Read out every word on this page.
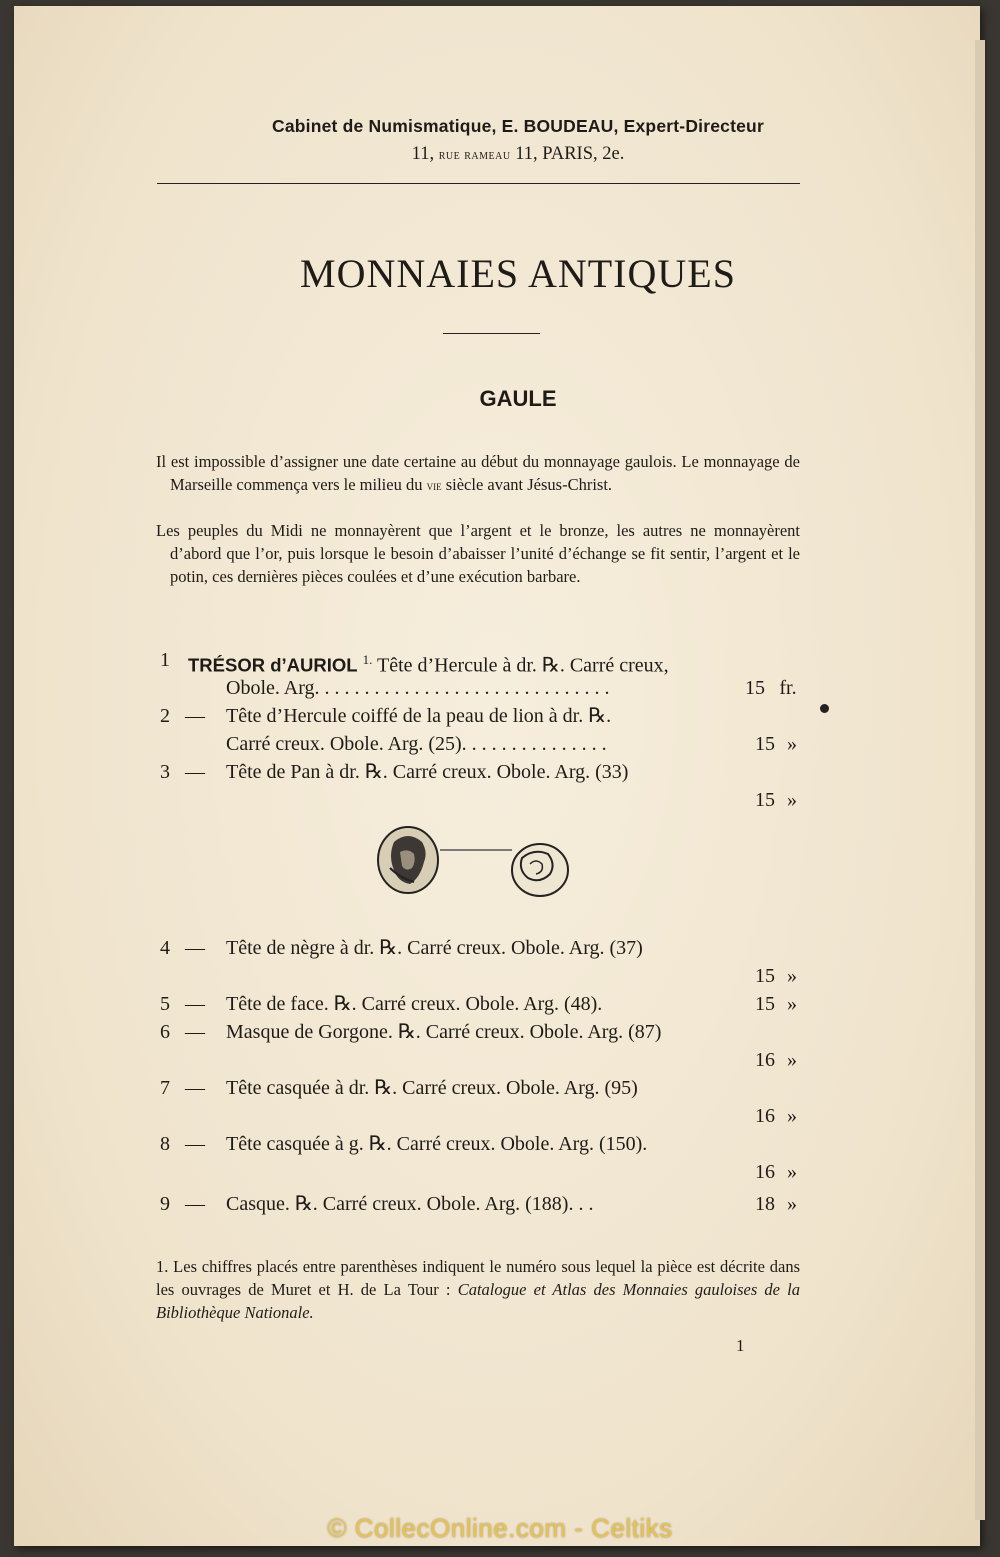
Cabinet de Numismatique, E. BOUDEAU, Expert-Directeur
11, rue rameau 11, PARIS, 2e.
MONNAIES ANTIQUES
GAULE
Il est impossible d’assigner une date certaine au début du monnayage gaulois. Le monnayage de Marseille commença vers le milieu du vie siècle avant Jésus-Christ.
Les peuples du Midi ne monnayèrent que l’argent et le bronze, les autres ne monnayèrent d’abord que l’or, puis lorsque le besoin d’abaisser l’unité d’échange se fit sentir, l’argent et le potin, ces dernières pièces coulées et d’une exécution barbare.
1 TRÉSOR d’AURIOL $^{1.}$ Tête d’Hercule à dr. ℞. Carré creux,
Obole. Arg. . . . . . . . . . . . . . . . . . . . . . . . . . . . . .	15 fr.
2 — Tête d’Hercule coiffé de la peau de lion à dr. ℞.
Carré creux. Obole. Arg. (25). . . . . . . . . . . . . . .	15 »
3 — Tête de Pan à dr. ℞. Carré creux. Obole. Arg. (33)
15 »
4 — Tête de nègre à dr. ℞. Carré creux. Obole. Arg. (37)
15 »
5 — Tête de face. ℞. Carré creux. Obole. Arg. (48).	15 »
6 — Masque de Gorgone. ℞. Carré creux. Obole. Arg. (87)
16 »
7 — Tête casquée à dr. ℞. Carré creux. Obole. Arg. (95)
16 »
8 — Tête casquée à g. ℞. Carré creux. Obole. Arg. (150).
16 »
9 — Casque. ℞. Carré creux. Obole. Arg. (188). . .	18 »
1. Les chiffres placés entre parenthèses indiquent le numéro sous lequel la pièce est décrite dans les ouvrages de Muret et H. de La Tour : Catalogue et Atlas des Monnaies gauloises de la Bibliothèque Nationale.
1
© CollecOnline.com - Celtiks
